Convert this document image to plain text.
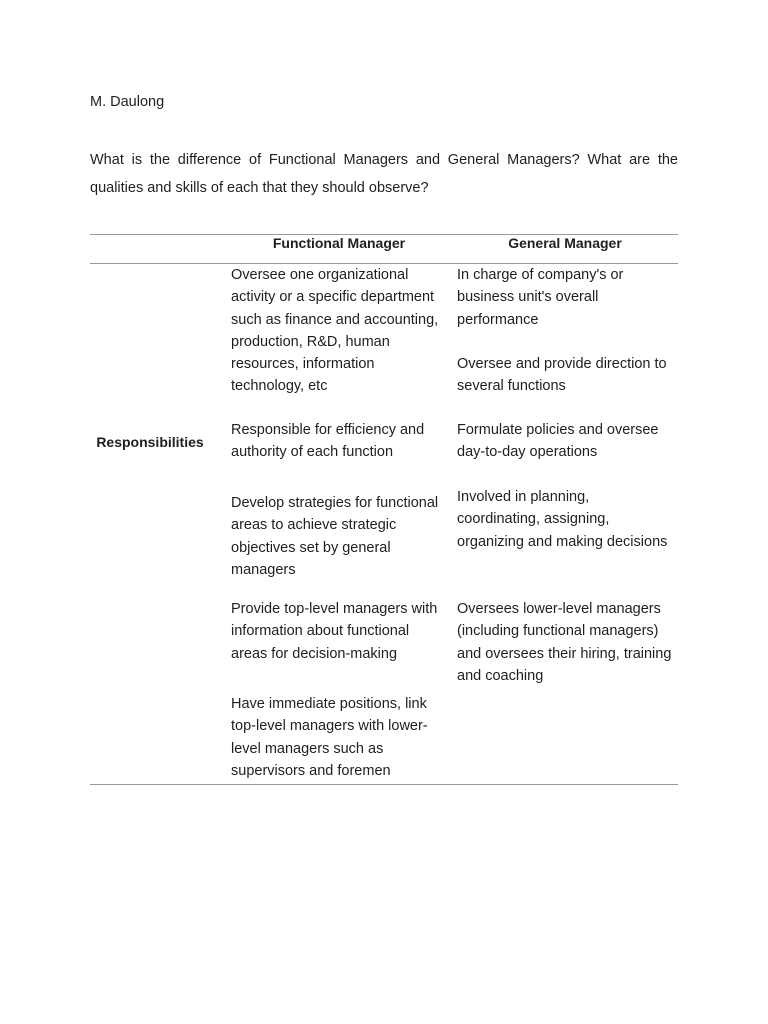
M. Daulong
What is the difference of Functional Managers and General Managers? What are the qualities and skills of each that they should observe?
Functional Manager	General Manager
Responsibilities
Oversee one organizational activity or a specific department such as finance and accounting, production, R&D, human resources, information technology, etc
Responsible for efficiency and authority of each function
Develop strategies for functional areas to achieve strategic objectives set by general managers
Provide top-level managers with information about functional areas for decision-making
Have immediate positions, link top-level managers with lower-level managers such as supervisors and foremen
In charge of company's or business unit's overall performance
Oversee and provide direction to several functions
Formulate policies and oversee day-to-day operations
Involved in planning, coordinating, assigning, organizing and making decisions
Oversees lower-level managers (including functional managers) and oversees their hiring, training and coaching
